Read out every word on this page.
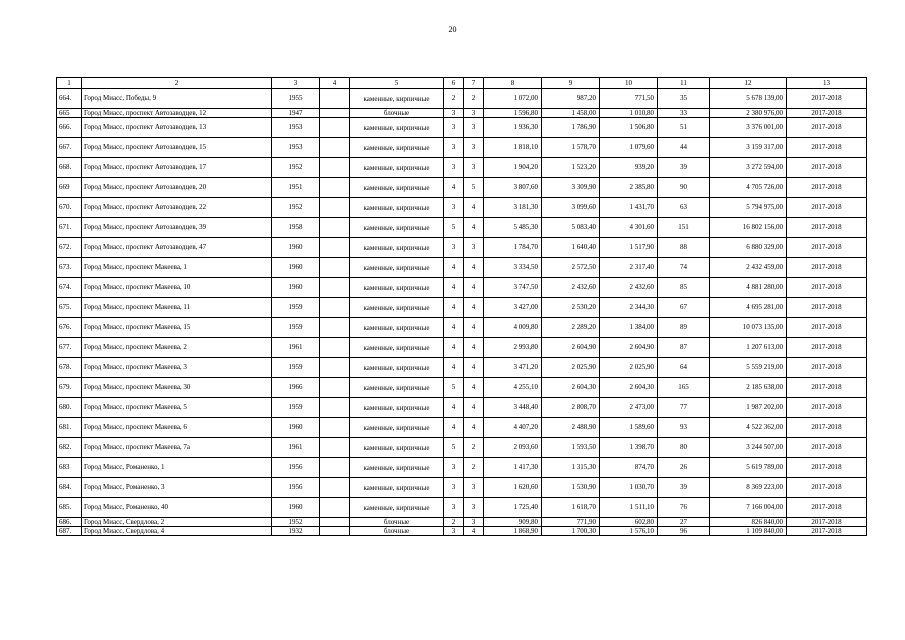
20
1	2	3	4	5	6	7	8	9	10	11	12	13
664.	Город Миасс, Победы, 9	1955		каменные, кирпичные	2	2	1 072,00	987,20	771,50	35	5 678 139,00	2017-2018
665	Город Миасс, проспект Автозаводцев, 12	1947		блочные	3	3	1 596,80	1 458,00	1 010,80	33	2 380 976,00	2017-2018
666.	Город Миасс, проспект Автозаводцев, 13	1953		каменные, кирпичные	3	3	1 936,30	1 786,90	1 506,80	51	3 376 001,00	2017-2018
667.	Город Миасс, проспект Автозаводцев, 15	1953		каменные, кирпичные	3	3	1 818,10	1 578,70	1 079,60	44	3 159 317,00	2017-2018
668.	Город Миасс, проспект Автозаводцев, 17	1952		каменные, кирпичные	3	3	1 904,20	1 523,20	939,20	39	3 272 594,00	2017-2018
669	Город Миасс, проспект Автозаводцев, 20	1951		каменные, кирпичные	4	5	3 807,60	3 309,90	2 385,80	90	4 705 726,00	2017-2018
670.	Город Миасс, проспект Автозаводцев, 22	1952		каменные, кирпичные	3	4	3 181,30	3 099,60	1 431,70	63	5 794 975,00	2017-2018
671.	Город Миасс, проспект Автозаводцев, 39	1958		каменные, кирпичные	5	4	5 485,30	5 083,40	4 301,60	151	16 802 156,00	2017-2018
672.	Город Миасс, проспект Автозаводцев, 47	1960		каменные, кирпичные	3	3	1 784,70	1 640,40	1 517,90	88	6 880 329,00	2017-2018
673.	Город Миасс, проспект Макеева, 1	1960		каменные, кирпичные	4	4	3 334,50	2 572,50	2 317,40	74	2 432 459,00	2017-2018
674.	Город Миасс, проспект Макеева, 10	1960		каменные, кирпичные	4	4	3 747,50	2 432,60	2 432,60	85	4 881 280,00	2017-2018
675.	Город Миасс, проспект Макеева, 11	1959		каменные, кирпичные	4	4	3 427,00	2 530,20	2 344,30	67	4 695 281,00	2017-2018
676.	Город Миасс, проспект Макеева, 15	1959		каменные, кирпичные	4	4	4 009,80	2 289,20	1 384,00	89	10 073 135,00	2017-2018
677.	Город Миасс, проспект Макеева, 2	1961		каменные, кирпичные	4	4	2 993,80	2 604,90	2 604,90	87	1 207 613,00	2017-2018
678.	Город Миасс, проспект Макеева, 3	1959		каменные, кирпичные	4	4	3 471,20	2 025,90	2 025,90	64	5 559 219,00	2017-2018
679.	Город Миасс, проспект Макеева, 30	1966		каменные, кирпичные	5	4	4 255,10	2 604,30	2 604,30	165	2 185 638,00	2017-2018
680.	Город Миасс, проспект Макеева, 5	1959		каменные, кирпичные	4	4	3 448,40	2 808,70	2 473,00	77	1 987 202,00	2017-2018
681.	Город Миасс, проспект Макеева, 6	1960		каменные, кирпичные	4	4	4 407,20	2 488,90	1 589,60	93	4 522 362,00	2017-2018
682.	Город Миасс, проспект Макеева, 7а	1961		каменные, кирпичные	5	2	2 093,60	1 593,50	1 398,70	80	3 244 507,00	2017-2018
683	Город Миасс, Романенко, 1	1956		каменные, кирпичные	3	2	1 417,30	1 315,30	874,70	26	5 619 789,00	2017-2018
684.	Город Миасс, Романенко, 3	1956		каменные, кирпичные	3	3	1 620,60	1 530,90	1 030,70	39	8 369 223,00	2017-2018
685.	Город Миасс, Романенко, 40	1960		каменные, кирпичные	3	3	1 725,40	1 618,70	1 511,10	76	7 166 004,00	2017-2018
686.	Город Миасс, Свердлова, 2	1952		блочные	2	3	909,80	771,90	602,80	27	826 840,00	2017-2018
687.	Город Миасс, Свердлова, 4	1932		блочные	3	4	1 868,90	1 700,30	1 576,10	96	1 109 840,00	2017-2018
